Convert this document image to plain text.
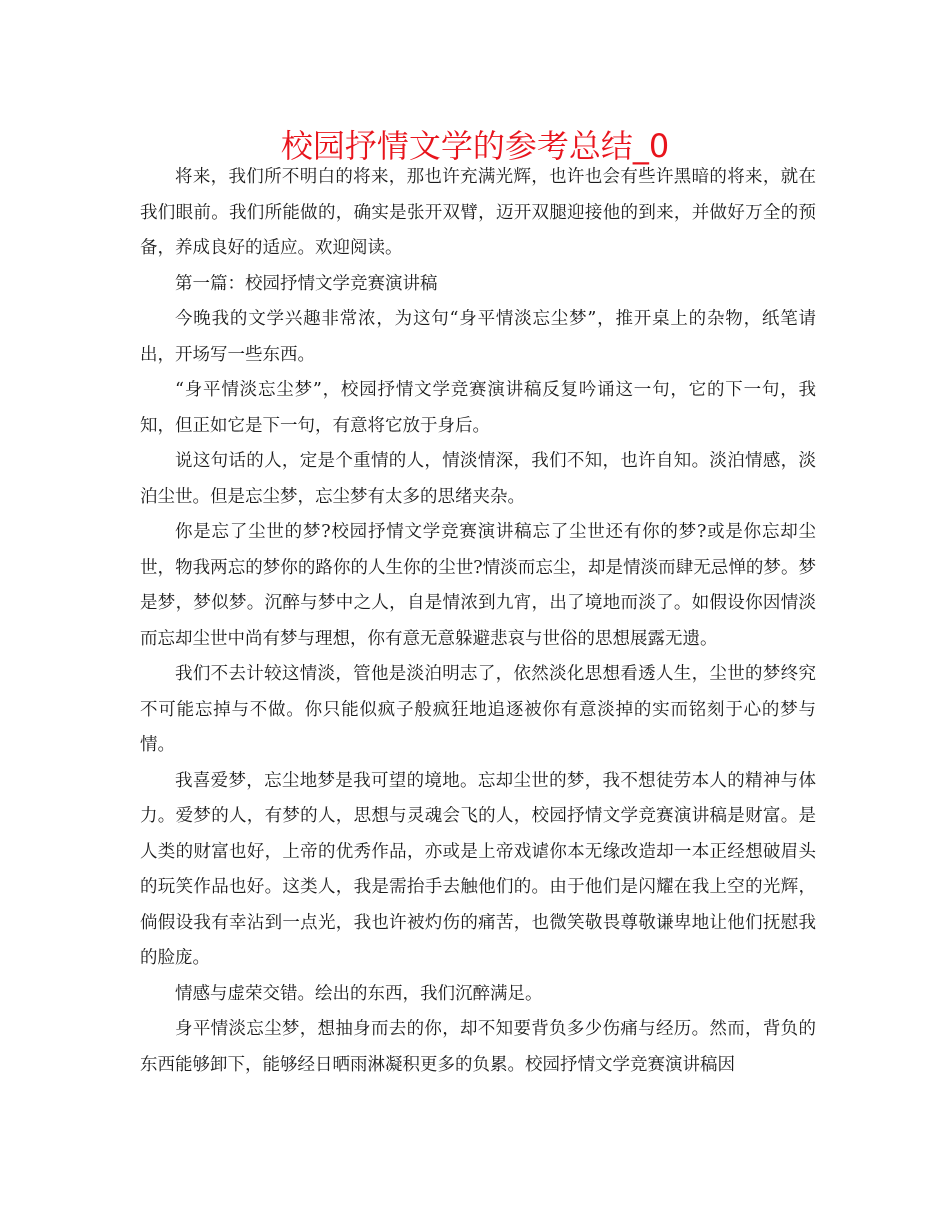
校园抒情文学的参考总结_0

将来，我们所不明白的将来，那也许充满光辉，也许也会有些许黑暗的将来，就在我们眼前。我们所能做的，确实是张开双臂，迈开双腿迎接他的到来，并做好万全的预备，养成良好的适应。欢迎阅读。

第一篇：校园抒情文学竞赛演讲稿

今晚我的文学兴趣非常浓，为这句“身平情淡忘尘梦”，推开桌上的杂物，纸笔请出，开场写一些东西。

“身平情淡忘尘梦”，校园抒情文学竞赛演讲稿反复吟诵这一句，它的下一句，我知，但正如它是下一句，有意将它放于身后。

说这句话的人，定是个重情的人，情淡情深，我们不知，也许自知。淡泊情感，淡泊尘世。但是忘尘梦，忘尘梦有太多的思绪夹杂。

你是忘了尘世的梦?校园抒情文学竞赛演讲稿忘了尘世还有你的梦?或是你忘却尘世，物我两忘的梦你的路你的人生你的尘世?情淡而忘尘，却是情淡而肆无忌惮的梦。梦是梦，梦似梦。沉醉与梦中之人，自是情浓到九宵，出了境地而淡了。如假设你因情淡而忘却尘世中尚有梦与理想，你有意无意躲避悲哀与世俗的思想展露无遗。

我们不去计较这情淡，管他是淡泊明志了，依然淡化思想看透人生，尘世的梦终究不可能忘掉与不做。你只能似疯子般疯狂地追逐被你有意淡掉的实而铭刻于心的梦与情。

我喜爱梦，忘尘地梦是我可望的境地。忘却尘世的梦，我不想徒劳本人的精神与体力。爱梦的人，有梦的人，思想与灵魂会飞的人，校园抒情文学竞赛演讲稿是财富。是人类的财富也好，上帝的优秀作品，亦或是上帝戏谑你本无缘改造却一本正经想破眉头的玩笑作品也好。这类人，我是需抬手去触他们的。由于他们是闪耀在我上空的光辉，倘假设我有幸沾到一点光，我也许被灼伤的痛苦，也微笑敬畏尊敬谦卑地让他们抚慰我的脸庞。

情感与虚荣交错。绘出的东西，我们沉醉满足。

身平情淡忘尘梦，想抽身而去的你，却不知要背负多少伤痛与经历。然而，背负的东西能够卸下，能够经日晒雨淋凝积更多的负累。校园抒情文学竞赛演讲稿因
